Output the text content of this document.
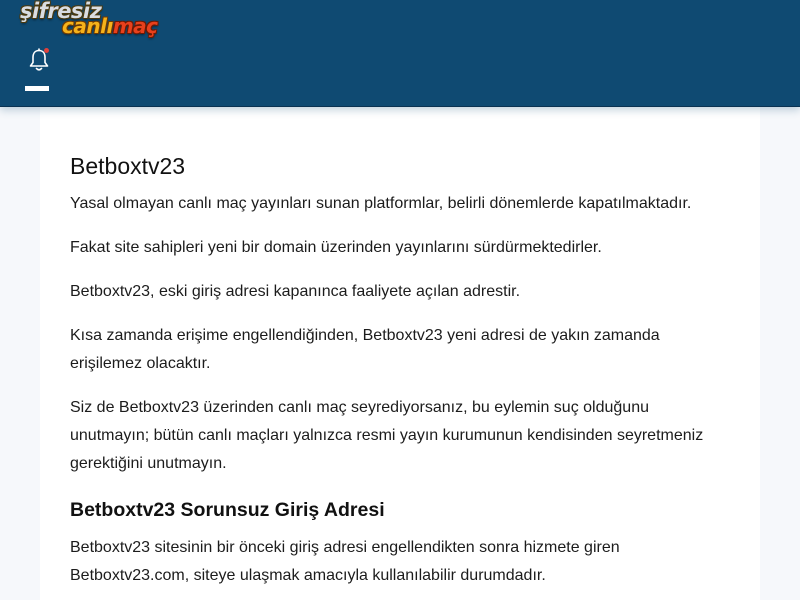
şifresiz
canlımaç
Betboxtv23

Yasal olmayan canlı maç yayınları sunan platformlar, belirli dönemlerde kapatılmaktadır.

Fakat site sahipleri yeni bir domain üzerinden yayınlarını sürdürmektedirler.

Betboxtv23, eski giriş adresi kapanınca faaliyete açılan adrestir.

Kısa zamanda erişime engellendiğinden, Betboxtv23 yeni adresi de yakın zamanda erişilemez olacaktır.

Siz de Betboxtv23 üzerinden canlı maç seyrediyorsanız, bu eylemin suç olduğunu unutmayın; bütün canlı maçları yalnızca resmi yayın kurumunun kendisinden seyretmeniz gerektiğini unutmayın.

Betboxtv23 Sorunsuz Giriş Adresi

Betboxtv23 sitesinin bir önceki giriş adresi engellendikten sonra hizmete giren Betboxtv23.com, siteye ulaşmak amacıyla kullanılabilir durumdadır.
